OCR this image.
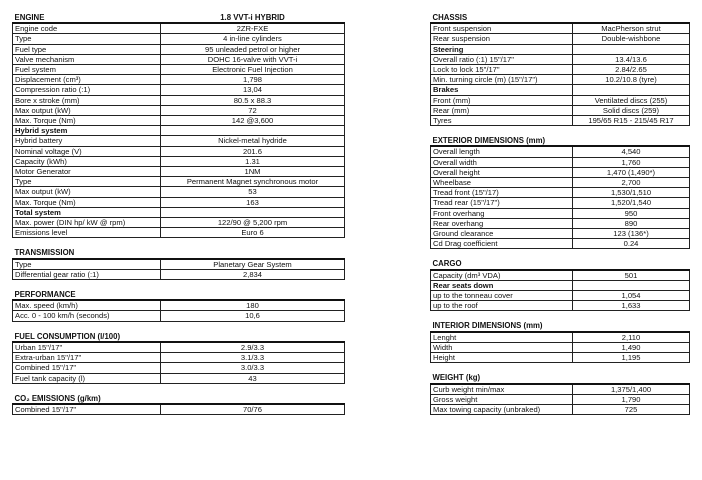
ENGINE	1.8 VVT-i HYBRID
Engine code	2ZR-FXE
Type	4 in-line cylinders
Fuel type	95 unleaded petrol or higher
Valve mechanism	DOHC 16-valve with VVT-i
Fuel system	Electronic Fuel Injection
Displacement (cm³)	1,798
Compression ratio (:1)	13,04
Bore x stroke (mm)	80.5 x 88.3
Max output (kW)	72
Max. Torque (Nm)	142 @3,600
Hybrid system	
Hybrid battery	Nickel-metal hydride
Nominal voltage (V)	201.6
Capacity (kWh)	1.31
Motor Generator	1NM
Type	Permanent Magnet synchronous motor
Max output (kW)	53
Max. Torque (Nm)	163
Total system	
Max. power (DIN hp/ kW @ rpm)	122/90 @ 5,200 rpm
Emissions level	Euro 6
TRANSMISSION	
Type	Planetary Gear System
Differential gear ratio (:1)	2,834
PERFORMANCE	
Max. speed (km/h)	180
Acc. 0 - 100 km/h (seconds)	10,6
FUEL CONSUMPTION (l/100)	
Urban 15"/17"	2.9/3.3
Extra-urban 15"/17"	3.1/3.3
Combined 15"/17"	3.0/3.3
Fuel tank capacity (l)	43
CO₂ EMISSIONS (g/km)	
Combined 15"/17"	70/76
CHASSIS	
Front suspension	MacPherson strut
Rear suspension	Double-wishbone
Steering	
Overall ratio (:1) 15"/17"	13.4/13.6
Lock to lock 15"/17"	2.84/2.65
Min. turning circle (m) (15"/17")	10.2/10.8 (tyre)
Brakes	
Front (mm)	Ventilated discs (255)
Rear (mm)	Solid discs (259)
Tyres	195/65 R15 - 215/45 R17
EXTERIOR DIMENSIONS (mm)	
Overall length	4,540
Overall width	1,760
Overall height	1,470 (1,490*)
Wheelbase	2,700
Tread front (15"/17)	1,530/1,510
Tread rear (15"/17")	1,520/1,540
Front overhang	950
Rear overhang	890
Ground clearance	123 (136*)
Cd Drag coefficient	0.24
CARGO	
Capacity (dm³ VDA)	501
Rear seats down	
up to the tonneau cover	1,054
up to the roof	1,633
INTERIOR DIMENSIONS (mm)	
Lenght	2,110
Width	1,490
Height	1,195
WEIGHT (kg)	
Curb weight min/max	1,375/1,400
Gross weight	1,790
Max towing capacity (unbraked)	725
